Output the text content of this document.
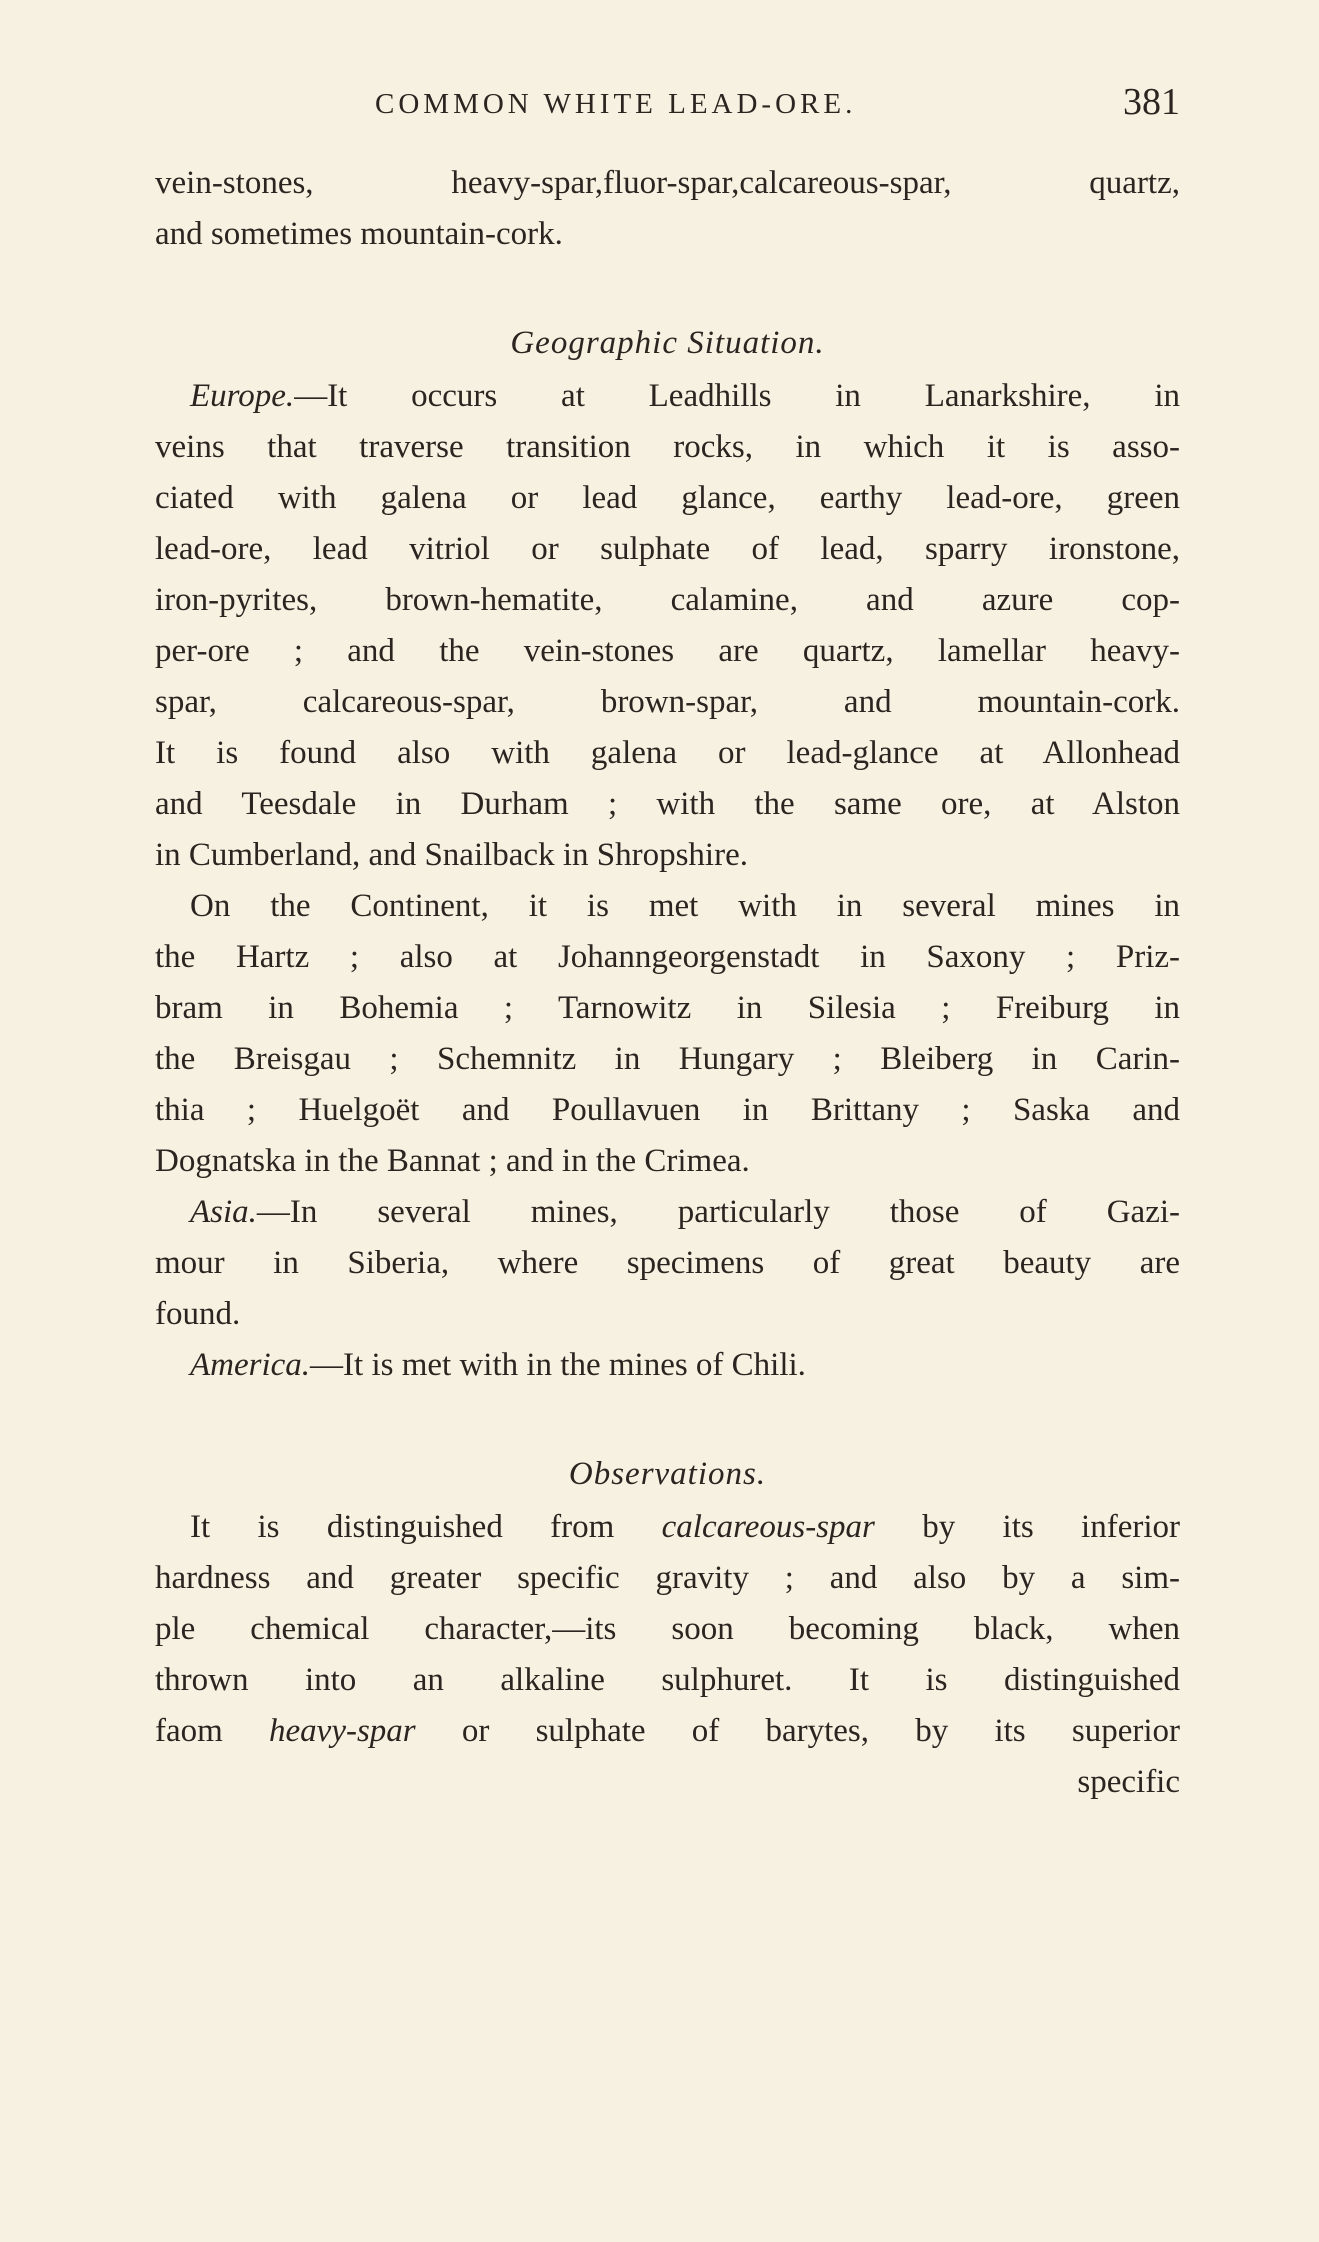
COMMON WHITE LEAD-ORE.	381
vein-stones, heavy-spar,fluor-spar,calcareous-spar, quartz,
and sometimes mountain-cork.
Geographic Situation.
Europe.—It occurs at Leadhills in Lanarkshire, in
veins that traverse transition rocks, in which it is asso-
ciated with galena or lead glance, earthy lead-ore, green
lead-ore, lead vitriol or sulphate of lead, sparry ironstone,
iron-pyrites, brown-hematite, calamine, and azure cop-
per-ore ; and the vein-stones are quartz, lamellar heavy-
spar, calcareous-spar, brown-spar, and mountain-cork.
It is found also with galena or lead-glance at Allonhead
and Teesdale in Durham ; with the same ore, at Alston
in Cumberland, and Snailback in Shropshire.
On the Continent, it is met with in several mines in
the Hartz ; also at Johanngeorgenstadt in Saxony ; Priz-
bram in Bohemia ; Tarnowitz in Silesia ; Freiburg in
the Breisgau ; Schemnitz in Hungary ; Bleiberg in Carin-
thia ; Huelgoët and Poullavuen in Brittany ; Saska and
Dognatska in the Bannat ; and in the Crimea.
Asia.—In several mines, particularly those of Gazi-
mour in Siberia, where specimens of great beauty are
found.
America.—It is met with in the mines of Chili.
Observations.
It is distinguished from calcareous-spar by its inferior
hardness and greater specific gravity ; and also by a sim-
ple chemical character,—its soon becoming black, when
thrown into an alkaline sulphuret. It is distinguished
faom heavy-spar or sulphate of barytes, by its superior
specific
